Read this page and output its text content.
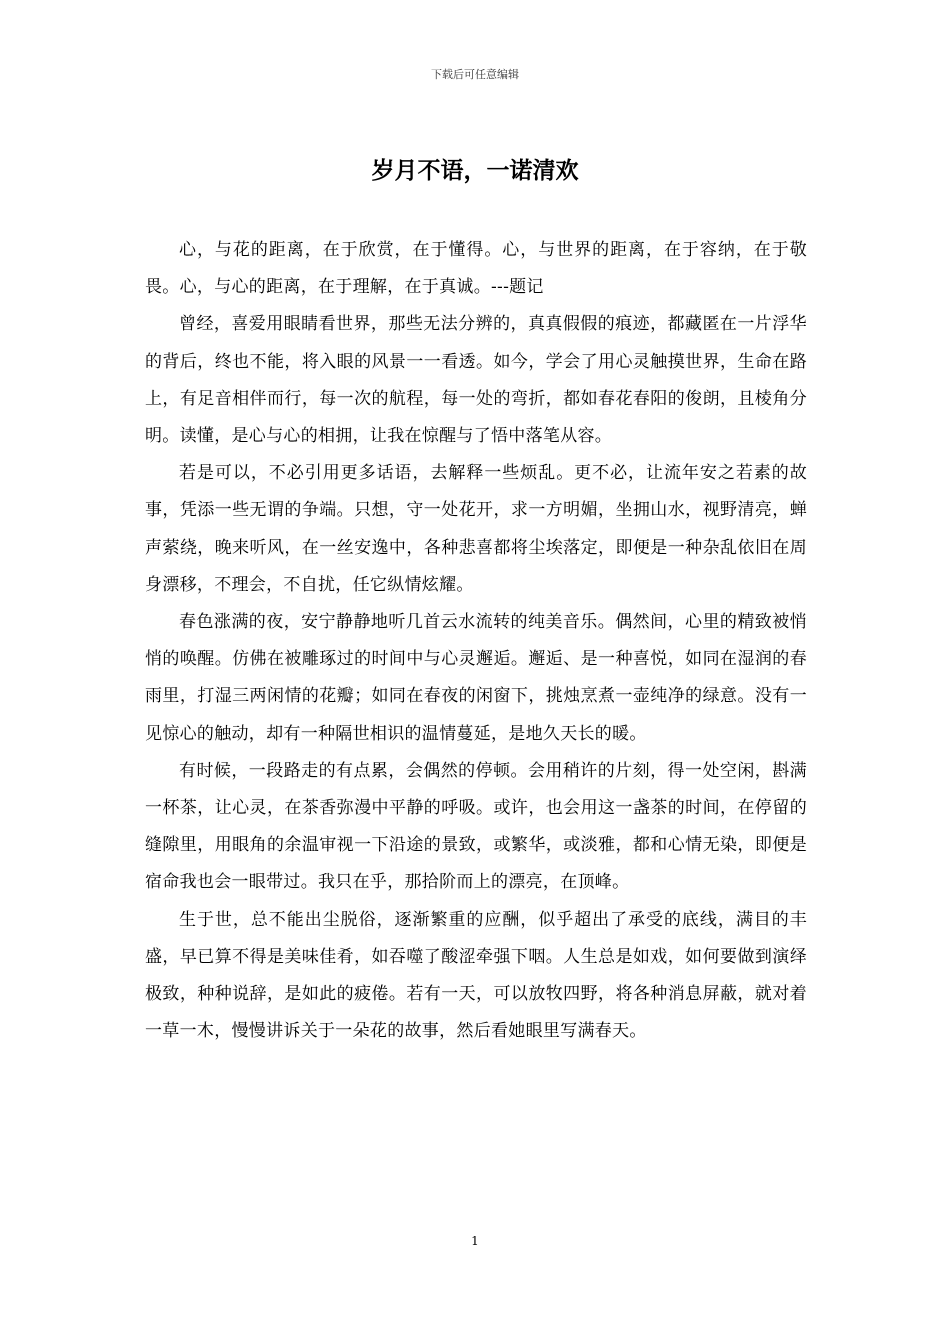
下载后可任意编辑
岁月不语，一诺清欢

心，与花的距离，在于欣赏，在于懂得。心，与世界的距离，在于容纳，在于敬畏。心，与心的距离，在于理解，在于真诚。---题记

曾经，喜爱用眼睛看世界，那些无法分辨的，真真假假的痕迹，都藏匿在一片浮华的背后，终也不能，将入眼的风景一一看透。如今，学会了用心灵触摸世界，生命在路上，有足音相伴而行，每一次的航程，每一处的弯折，都如春花春阳的俊朗，且棱角分明。读懂，是心与心的相拥，让我在惊醒与了悟中落笔从容。

若是可以，不必引用更多话语，去解释一些烦乱。更不必，让流年安之若素的故事，凭添一些无谓的争端。只想，守一处花开，求一方明媚，坐拥山水，视野清亮，蝉声萦绕，晚来听风，在一丝安逸中，各种悲喜都将尘埃落定，即便是一种杂乱依旧在周身漂移，不理会，不自扰，任它纵情炫耀。

春色涨满的夜，安宁静静地听几首云水流转的纯美音乐。偶然间，心里的精致被悄悄的唤醒。仿佛在被雕琢过的时间中与心灵邂逅。邂逅、是一种喜悦，如同在湿润的春雨里，打湿三两闲情的花瓣；如同在春夜的闲窗下，挑烛烹煮一壶纯净的绿意。没有一见惊心的触动，却有一种隔世相识的温情蔓延，是地久天长的暖。

有时候，一段路走的有点累，会偶然的停顿。会用稍许的片刻，得一处空闲，斟满一杯茶，让心灵，在茶香弥漫中平静的呼吸。或许，也会用这一盏茶的时间，在停留的缝隙里，用眼角的余温审视一下沿途的景致，或繁华，或淡雅，都和心情无染，即便是宿命我也会一眼带过。我只在乎，那拾阶而上的漂亮，在顶峰。

生于世，总不能出尘脱俗，逐渐繁重的应酬，似乎超出了承受的底线，满目的丰盛，早已算不得是美味佳肴，如吞噬了酸涩牵强下咽。人生总是如戏，如何要做到演绎极致，种种说辞，是如此的疲倦。若有一天，可以放牧四野，将各种消息屏蔽，就对着一草一木，慢慢讲诉关于一朵花的故事，然后看她眼里写满春天。

1
